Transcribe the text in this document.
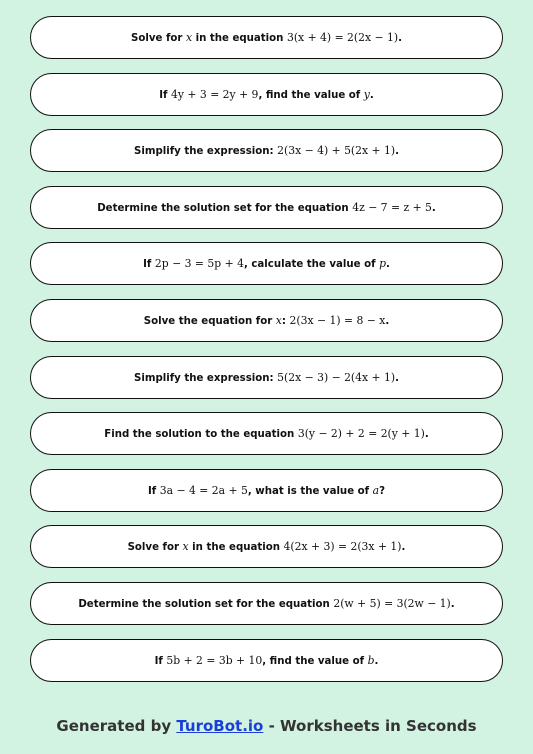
Solve for x in the equation 3(x + 4) = 2(2x − 1).
If 4y + 3 = 2y + 9, find the value of y.
Simplify the expression: 2(3x − 4) + 5(2x + 1).
Determine the solution set for the equation 4z − 7 = z + 5.
If 2p − 3 = 5p + 4, calculate the value of p.
Solve the equation for x: 2(3x − 1) = 8 − x.
Simplify the expression: 5(2x − 3) − 2(4x + 1).
Find the solution to the equation 3(y − 2) + 2 = 2(y + 1).
If 3a − 4 = 2a + 5, what is the value of a?
Solve for x in the equation 4(2x + 3) = 2(3x + 1).
Determine the solution set for the equation 2(w + 5) = 3(2w − 1).
If 5b + 2 = 3b + 10, find the value of b.
Generated by TuroBot.io - Worksheets in Seconds
